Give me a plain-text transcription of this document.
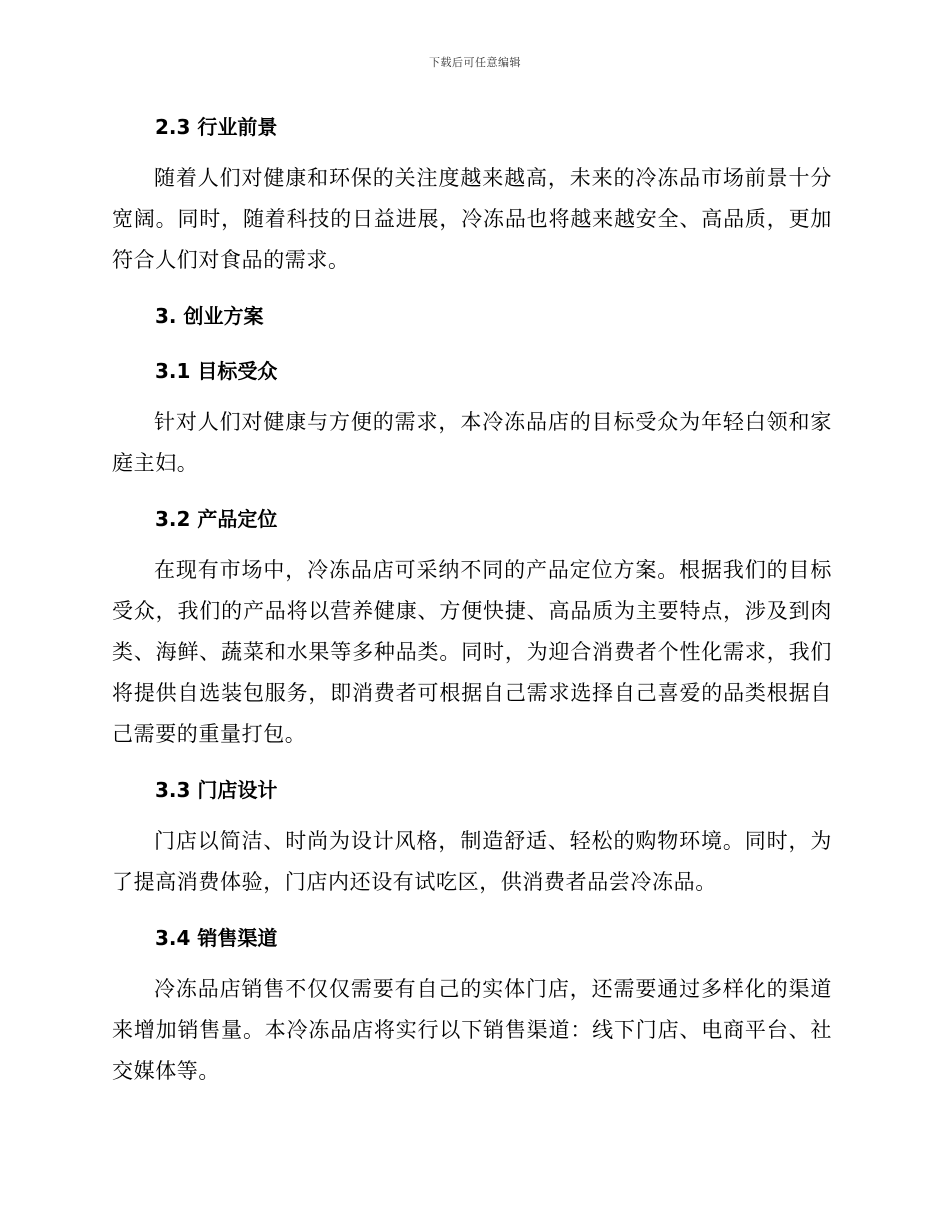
下载后可任意编辑
2.3 行业前景

随着人们对健康和环保的关注度越来越高，未来的冷冻品市场前景十分宽阔。同时，随着科技的日益进展，冷冻品也将越来越安全、高品质，更加符合人们对食品的需求。

3. 创业方案
3.1 目标受众

针对人们对健康与方便的需求，本冷冻品店的目标受众为年轻白领和家庭主妇。

3.2 产品定位

在现有市场中，冷冻品店可采纳不同的产品定位方案。根据我们的目标受众，我们的产品将以营养健康、方便快捷、高品质为主要特点，涉及到肉类、海鲜、蔬菜和水果等多种品类。同时，为迎合消费者个性化需求，我们将提供自选装包服务，即消费者可根据自己需求选择自己喜爱的品类根据自己需要的重量打包。

3.3 门店设计

门店以简洁、时尚为设计风格，制造舒适、轻松的购物环境。同时，为了提高消费体验，门店内还设有试吃区，供消费者品尝冷冻品。

3.4 销售渠道

冷冻品店销售不仅仅需要有自己的实体门店，还需要通过多样化的渠道来增加销售量。本冷冻品店将实行以下销售渠道：线下门店、电商平台、社交媒体等。
